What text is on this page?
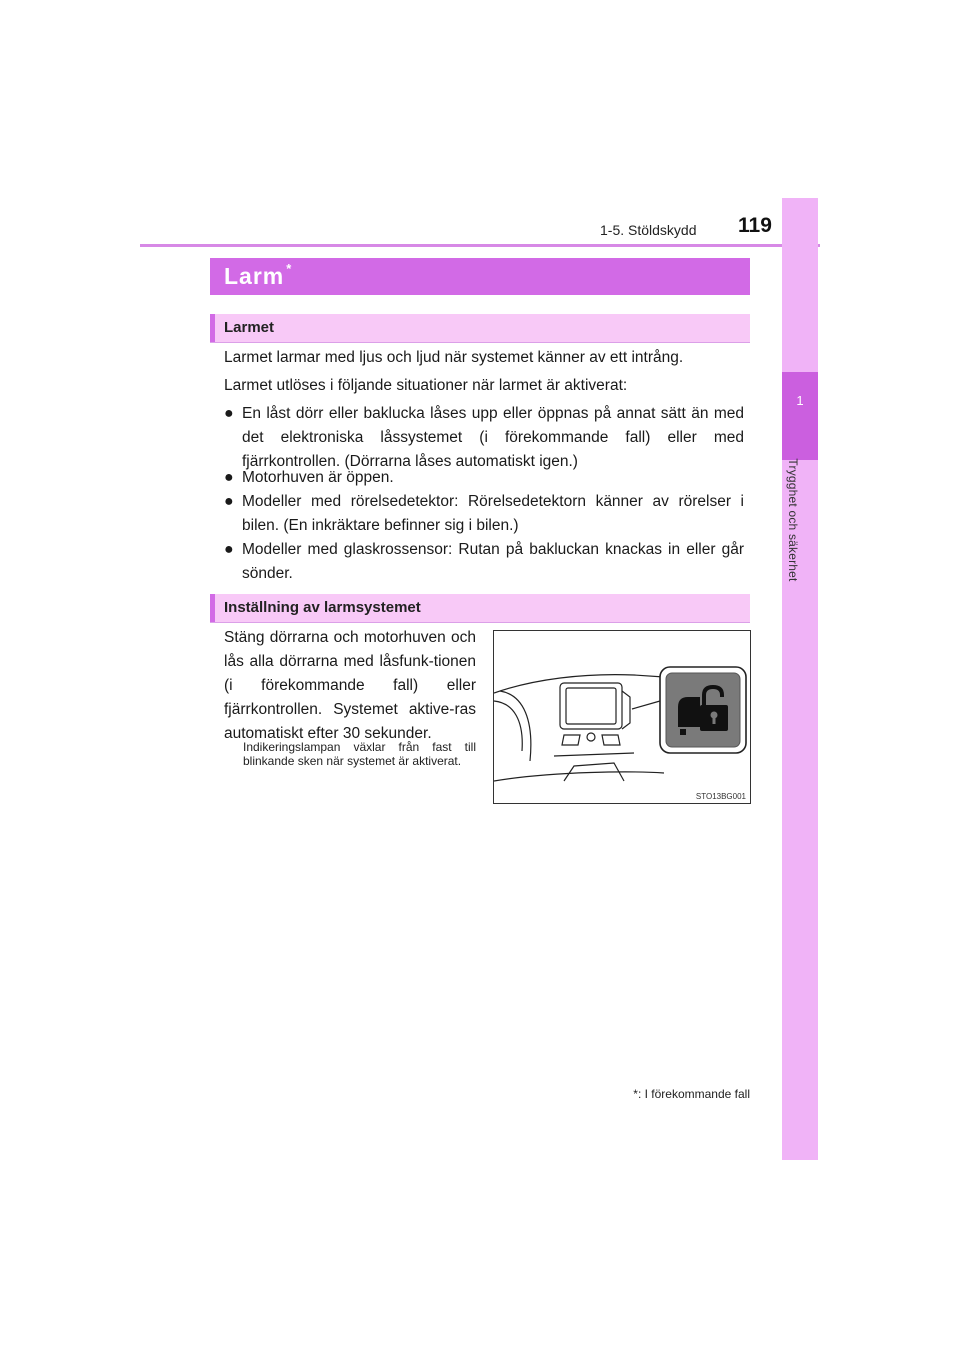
1-5. Stöldskydd 119
1
Trygghet och säkerhet
Larm *
Larmet
Larmet larmar med ljus och ljud när systemet känner av ett intrång.
Larmet utlöses i följande situationer när larmet är aktiverat:
● En låst dörr eller baklucka låses upp eller öppnas på annat sätt än med det elektroniska låssystemet (i förekommande fall) eller med fjärrkontrollen. (Dörrarna låses automatiskt igen.)
● Motorhuven är öppen.
● Modeller med rörelsedetektor: Rörelsedetektorn känner av rörelser i bilen. (En inkräktare befinner sig i bilen.)
● Modeller med glaskrossensor: Rutan på bakluckan knackas in eller går sönder.
Inställning av larmsystemet
Stäng dörrarna och motorhuven och lås alla dörrarna med låsfunk-tionen (i förekommande fall) eller fjärrkontrollen. Systemet aktive-ras automatiskt efter 30 sekunder.
Indikeringslampan växlar från fast till blinkande sken när systemet är aktiverat.
STO13BG001
*: I förekommande fall
